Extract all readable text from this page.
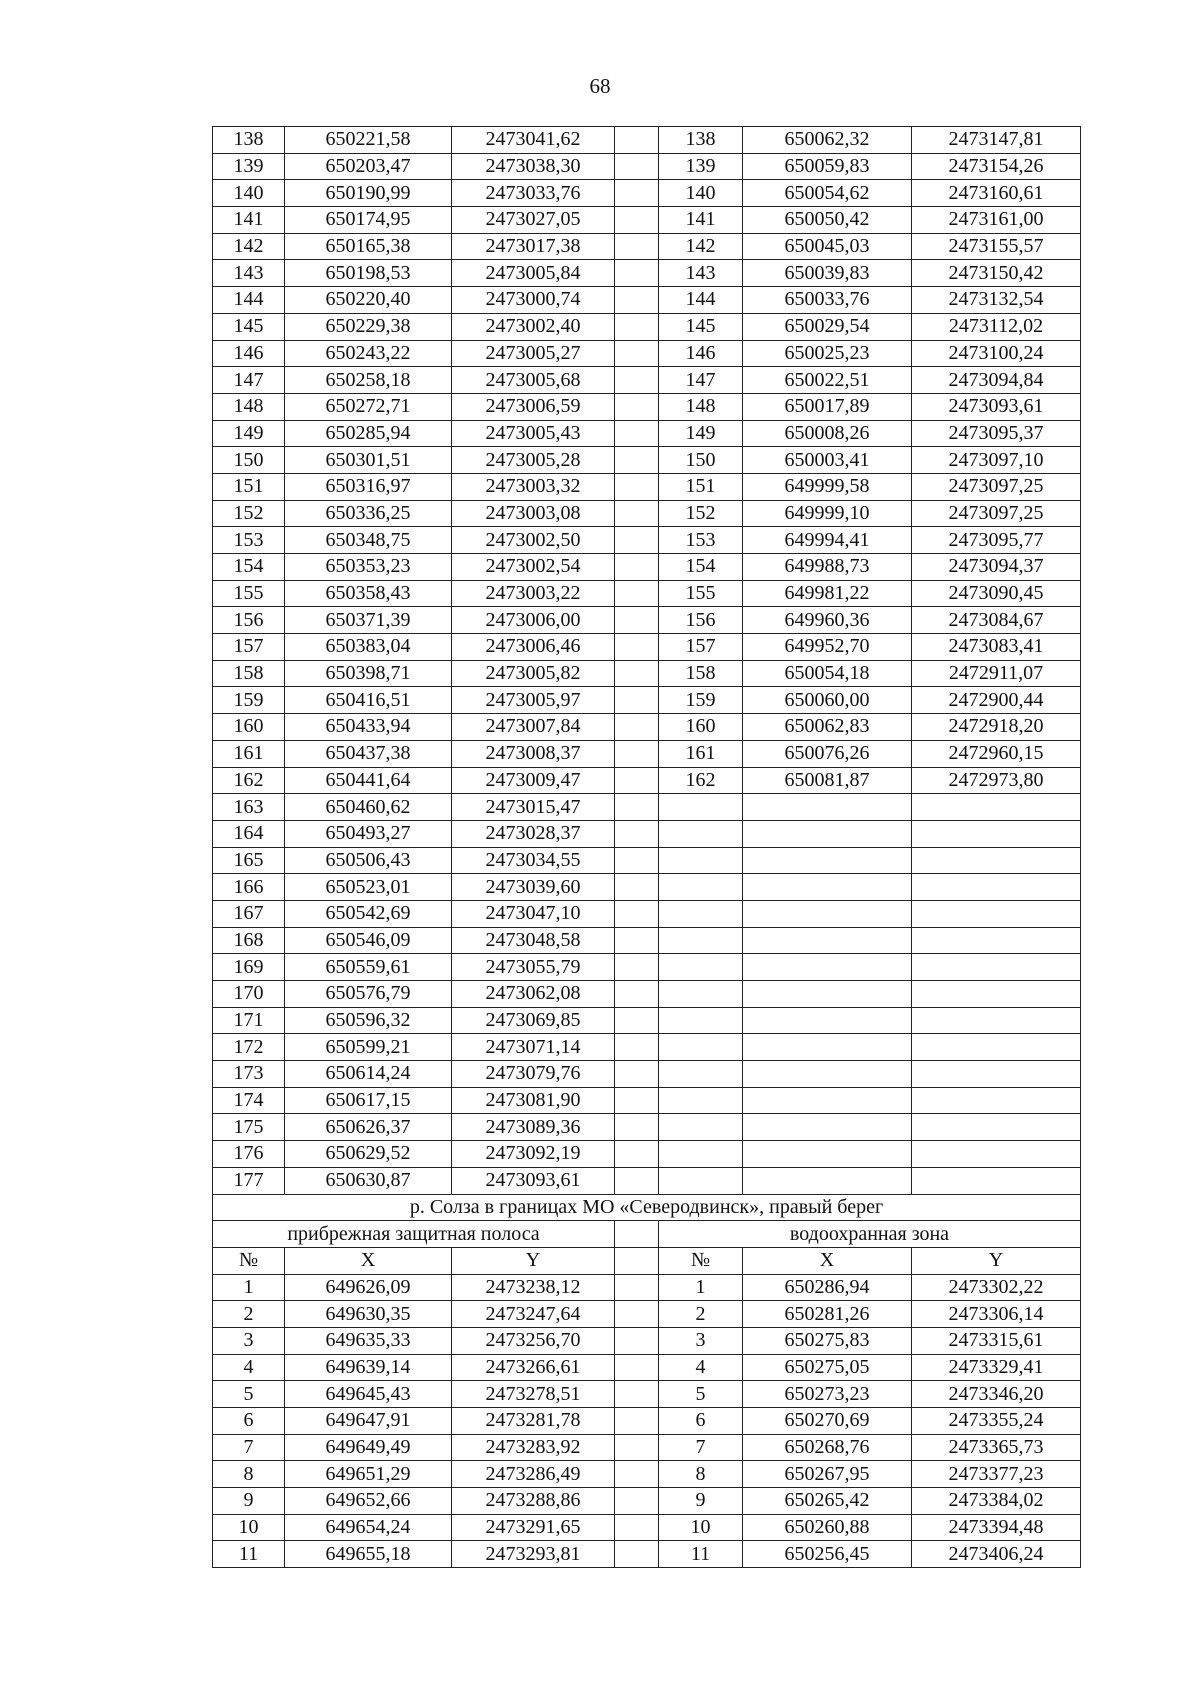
68
138	650221,58	2473041,62		138	650062,32	2473147,81
139	650203,47	2473038,30		139	650059,83	2473154,26
140	650190,99	2473033,76		140	650054,62	2473160,61
141	650174,95	2473027,05		141	650050,42	2473161,00
142	650165,38	2473017,38		142	650045,03	2473155,57
143	650198,53	2473005,84		143	650039,83	2473150,42
144	650220,40	2473000,74		144	650033,76	2473132,54
145	650229,38	2473002,40		145	650029,54	2473112,02
146	650243,22	2473005,27		146	650025,23	2473100,24
147	650258,18	2473005,68		147	650022,51	2473094,84
148	650272,71	2473006,59		148	650017,89	2473093,61
149	650285,94	2473005,43		149	650008,26	2473095,37
150	650301,51	2473005,28		150	650003,41	2473097,10
151	650316,97	2473003,32		151	649999,58	2473097,25
152	650336,25	2473003,08		152	649999,10	2473097,25
153	650348,75	2473002,50		153	649994,41	2473095,77
154	650353,23	2473002,54		154	649988,73	2473094,37
155	650358,43	2473003,22		155	649981,22	2473090,45
156	650371,39	2473006,00		156	649960,36	2473084,67
157	650383,04	2473006,46		157	649952,70	2473083,41
158	650398,71	2473005,82		158	650054,18	2472911,07
159	650416,51	2473005,97		159	650060,00	2472900,44
160	650433,94	2473007,84		160	650062,83	2472918,20
161	650437,38	2473008,37		161	650076,26	2472960,15
162	650441,64	2473009,47		162	650081,87	2472973,80
163	650460,62	2473015,47				
164	650493,27	2473028,37				
165	650506,43	2473034,55				
166	650523,01	2473039,60				
167	650542,69	2473047,10				
168	650546,09	2473048,58				
169	650559,61	2473055,79				
170	650576,79	2473062,08				
171	650596,32	2473069,85				
172	650599,21	2473071,14				
173	650614,24	2473079,76				
174	650617,15	2473081,90				
175	650626,37	2473089,36				
176	650629,52	2473092,19				
177	650630,87	2473093,61				
р. Солза в границах МО «Северодвинск», правый берег						
прибрежная защитная полоса				водоохранная зона		
№	X	Y		№	X	Y
1	649626,09	2473238,12		1	650286,94	2473302,22
2	649630,35	2473247,64		2	650281,26	2473306,14
3	649635,33	2473256,70		3	650275,83	2473315,61
4	649639,14	2473266,61		4	650275,05	2473329,41
5	649645,43	2473278,51		5	650273,23	2473346,20
6	649647,91	2473281,78		6	650270,69	2473355,24
7	649649,49	2473283,92		7	650268,76	2473365,73
8	649651,29	2473286,49		8	650267,95	2473377,23
9	649652,66	2473288,86		9	650265,42	2473384,02
10	649654,24	2473291,65		10	650260,88	2473394,48
11	649655,18	2473293,81		11	650256,45	2473406,24
